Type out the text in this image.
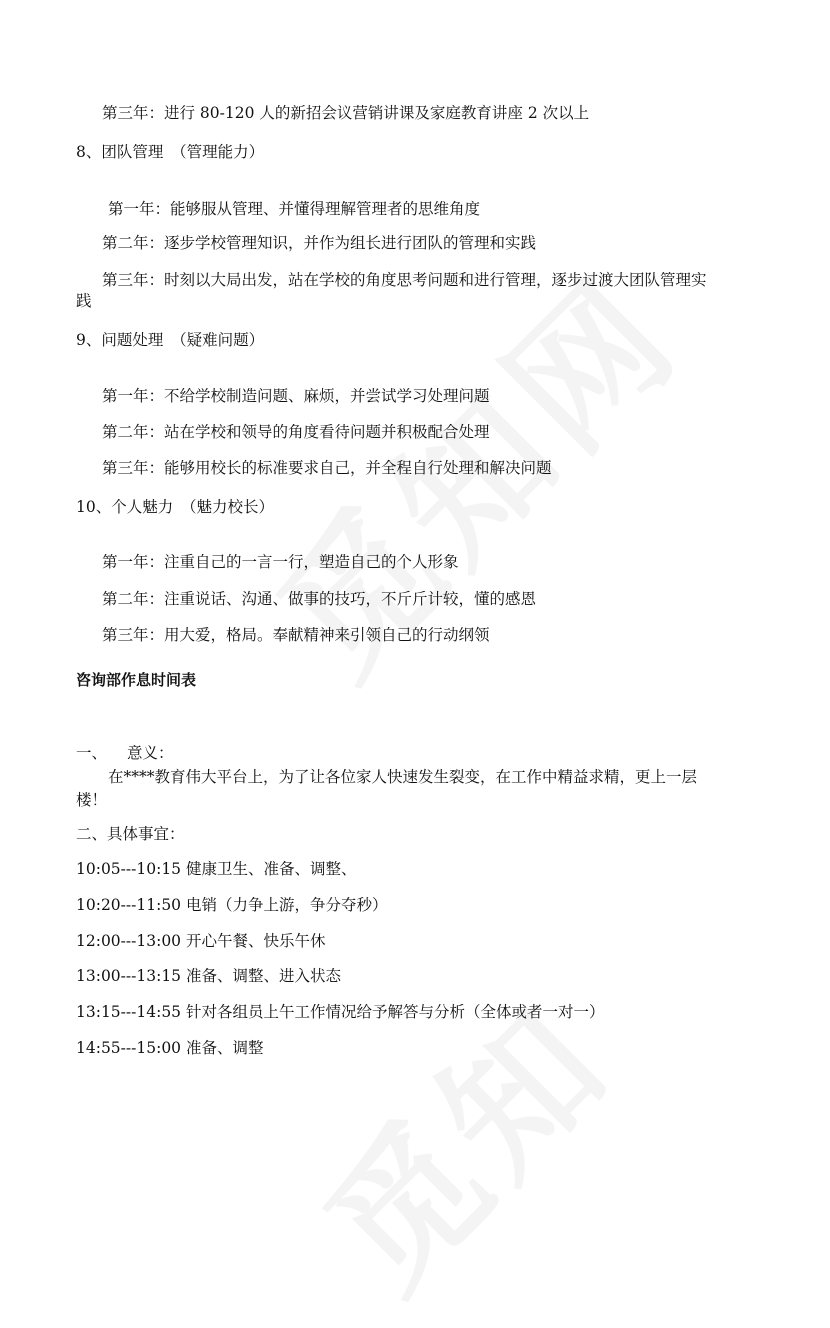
第三年：进行 80-120 人的新招会议营销讲课及家庭教育讲座 2 次以上
8、团队管理　（管理能力）
第一年：能够服从管理、并懂得理解管理者的思维角度
第二年：逐步学校管理知识，并作为组长进行团队的管理和实践
第三年：时刻以大局出发，站在学校的角度思考问题和进行管理，逐步过渡大团队管理实
践
9、问题处理　（疑难问题）
第一年：不给学校制造问题、麻烦，并尝试学习处理问题
第二年：站在学校和领导的角度看待问题并积极配合处理
第三年：能够用校长的标准要求自己，并全程自行处理和解决问题
10、个人魅力　（魅力校长）
第一年：注重自己的一言一行，塑造自己的个人形象
第二年：注重说话、沟通、做事的技巧，不斤斤计较，懂的感恩
第三年：用大爱，格局。奉献精神来引领自己的行动纲领
咨询部作息时间表
一、 意义：
在****教育伟大平台上，为了让各位家人快速发生裂变，在工作中精益求精，更上一层
楼！
二、具体事宜：
10:05---10:15 健康卫生、准备、调整、
10:20---11:50 电销（力争上游，争分夺秒）
12:00---13:00 开心午餐、快乐午休
13:00---13:15 准备、调整、进入状态
13:15---14:55 针对各组员上午工作情况给予解答与分析（全体或者一对一）
14:55---15:00 准备、调整
